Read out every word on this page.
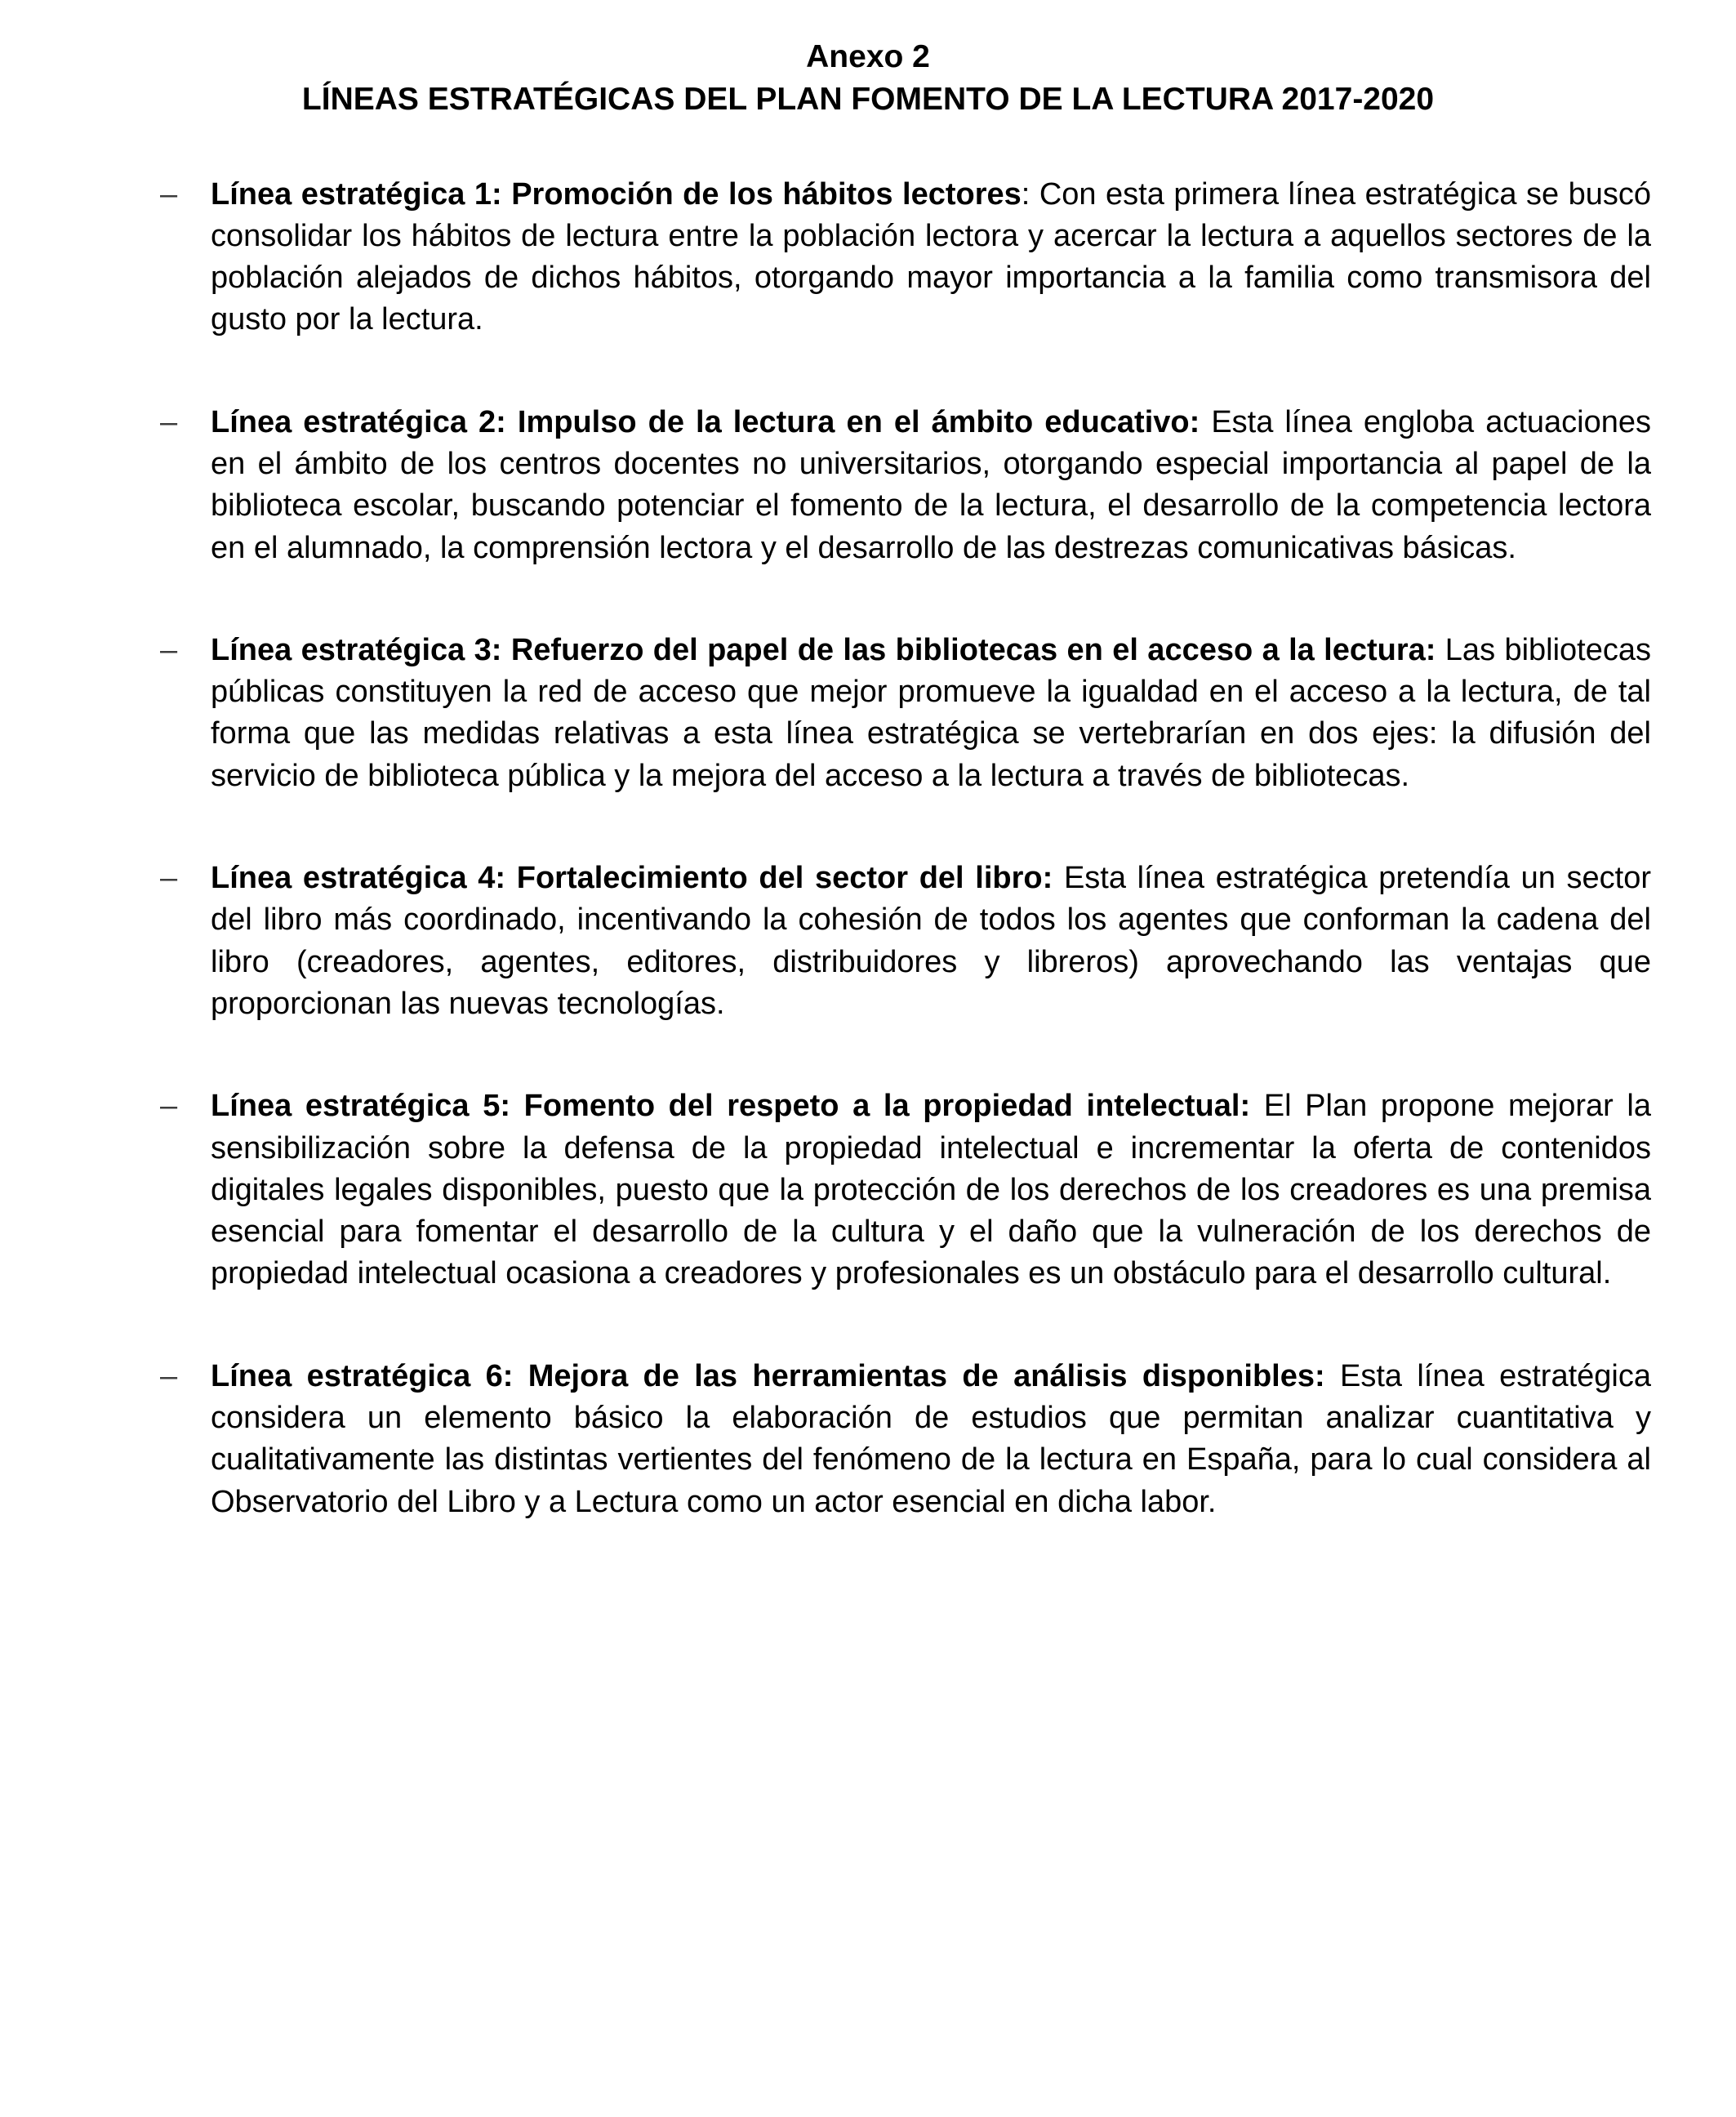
Anexo 2
LÍNEAS ESTRATÉGICAS DEL PLAN FOMENTO DE LA LECTURA 2017-2020
–	Línea estratégica 1: Promoción de los hábitos lectores: Con esta primera línea estratégica se buscó consolidar los hábitos de lectura entre la población lectora y acercar la lectura a aquellos sectores de la población alejados de dichos hábitos, otorgando mayor importancia a la familia como transmisora del gusto por la lectura.

–	Línea estratégica 2: Impulso de la lectura en el ámbito educativo: Esta línea engloba actuaciones en el ámbito de los centros docentes no universitarios, otorgando especial importancia al papel de la biblioteca escolar, buscando potenciar el fomento de la lectura, el desarrollo de la competencia lectora en el alumnado, la comprensión lectora y el desarrollo de las destrezas comunicativas básicas.

–	Línea estratégica 3: Refuerzo del papel de las bibliotecas en el acceso a la lectura: Las bibliotecas públicas constituyen la red de acceso que mejor promueve la igualdad en el acceso a la lectura, de tal forma que las medidas relativas a esta línea estratégica se vertebrarían en dos ejes: la difusión del servicio de biblioteca pública y la mejora del acceso a la lectura a través de bibliotecas.

–	Línea estratégica 4: Fortalecimiento del sector del libro: Esta línea estratégica pretendía un sector del libro más coordinado, incentivando la cohesión de todos los agentes que conforman la cadena del libro (creadores, agentes, editores, distribuidores y libreros) aprovechando las ventajas que proporcionan las nuevas tecnologías.

–	Línea estratégica 5: Fomento del respeto a la propiedad intelectual: El Plan propone mejorar la sensibilización sobre la defensa de la propiedad intelectual e incrementar la oferta de contenidos digitales legales disponibles, puesto que la protección de los derechos de los creadores es una premisa esencial para fomentar el desarrollo de la cultura y el daño que la vulneración de los derechos de propiedad intelectual ocasiona a creadores y profesionales es un obstáculo para el desarrollo cultural.

–	Línea estratégica 6: Mejora de las herramientas de análisis disponibles: Esta línea estratégica considera un elemento básico la elaboración de estudios que permitan analizar cuantitativa y cualitativamente las distintas vertientes del fenómeno de la lectura en España, para lo cual considera al Observatorio del Libro y a Lectura como un actor esencial en dicha labor.
